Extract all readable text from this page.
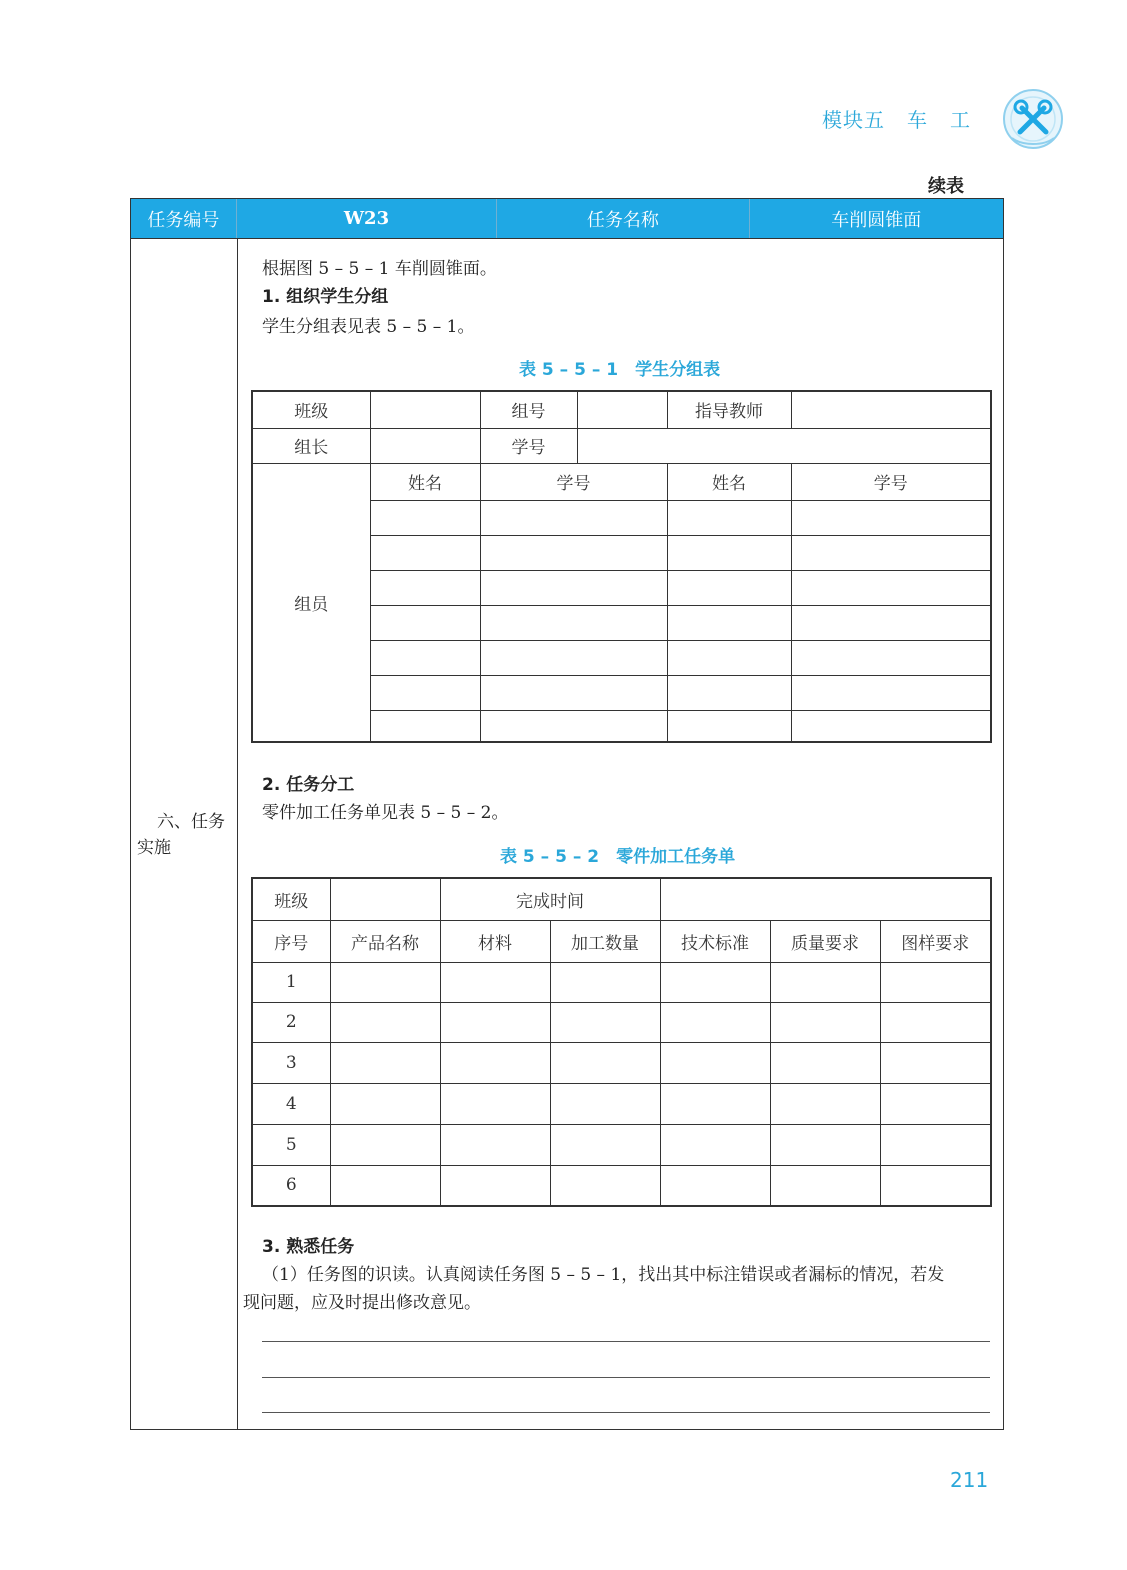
模块五 车 工
续表
任务编号	W23	任务名称	车削圆锥面
六、任务
实施
根据图 5 – 5 – 1 车削圆锥面。
1. 组织学生分组
学生分组表见表 5 – 5 – 1。
表 5 – 5 – 1　学生分组表
班级		组号		指导教师	
组长		学号			
组员	姓名	学号		姓名	学号

2. 任务分工
零件加工任务单见表 5 – 5 – 2。
表 5 – 5 – 2　零件加工任务单
班级		完成时间				
序号	产品名称	材料	加工数量	技术标准	质量要求	图样要求
1						
2						
3						
4						
5						
6						
3. 熟悉任务
（1）任务图的识读。认真阅读任务图 5 – 5 – 1，找出其中标注错误或者漏标的情况，若发
现问题，应及时提出修改意见。
211
